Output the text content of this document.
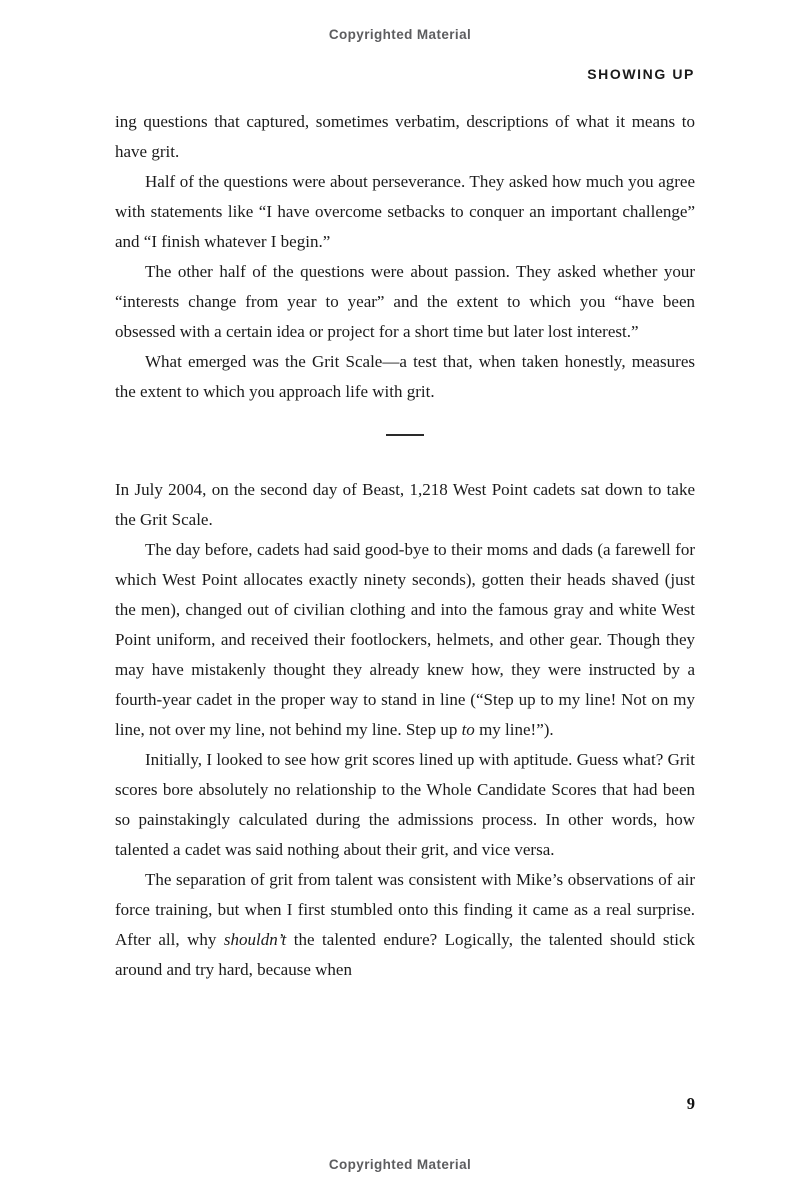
Copyrighted Material
SHOWING UP

ing questions that captured, sometimes verbatim, descriptions of what it means to have grit.

Half of the questions were about perseverance. They asked how much you agree with statements like “I have overcome setbacks to conquer an important challenge” and “I finish whatever I begin.”

The other half of the questions were about passion. They asked whether your “interests change from year to year” and the extent to which you “have been obsessed with a certain idea or project for a short time but later lost interest.”

What emerged was the Grit Scale—a test that, when taken honestly, measures the extent to which you approach life with grit.

In July 2004, on the second day of Beast, 1,218 West Point cadets sat down to take the Grit Scale.

The day before, cadets had said good-bye to their moms and dads (a farewell for which West Point allocates exactly ninety seconds), gotten their heads shaved (just the men), changed out of civilian clothing and into the famous gray and white West Point uniform, and received their footlockers, helmets, and other gear. Though they may have mistakenly thought they already knew how, they were instructed by a fourth-year cadet in the proper way to stand in line (“Step up to my line! Not on my line, not over my line, not behind my line. Step up to my line!”).

Initially, I looked to see how grit scores lined up with aptitude. Guess what? Grit scores bore absolutely no relationship to the Whole Candidate Scores that had been so painstakingly calculated during the admissions process. In other words, how talented a cadet was said nothing about their grit, and vice versa.

The separation of grit from talent was consistent with Mike’s observations of air force training, but when I first stumbled onto this finding it came as a real surprise. After all, why shouldn’t the talented endure? Logically, the talented should stick around and try hard, because when

9
Copyrighted Material
